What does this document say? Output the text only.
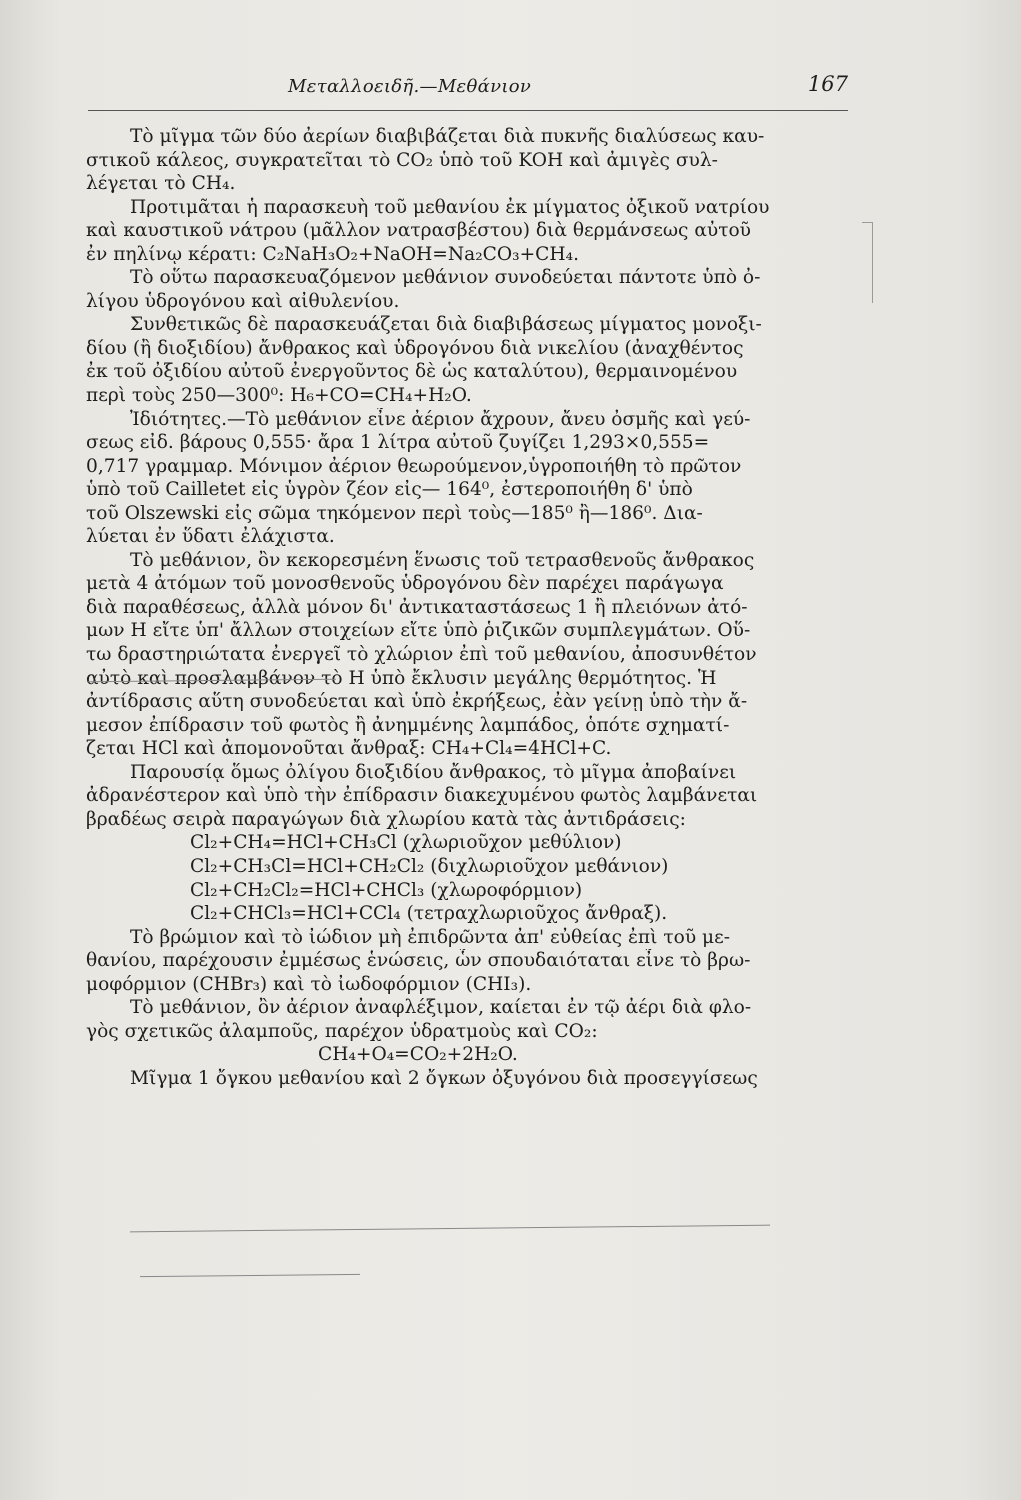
Μεταλλοειδῆ.—Μεθάνιον	167
Τὸ μῖγμα τῶν δύο ἀερίων διαβιβάζεται διὰ πυκνῆς διαλύσεως καυ-
στικοῦ κάλεος, συγκρατεῖται τὸ CO₂ ὑπὸ τοῦ KOH καὶ ἀμιγὲς συλ-
λέγεται τὸ CH₄.
Προτιμᾶται ἡ παρασκευὴ τοῦ μεθανίου ἐκ μίγματος ὀξικοῦ νατρίου
καὶ καυστικοῦ νάτρου (μᾶλλον νατρασβέστου) διὰ θερμάνσεως αὐτοῦ
ἐν πηλίνῳ κέρατι: C₂NaH₃O₂+NaOH=Na₂CO₃+CH₄.
Τὸ οὕτω παρασκευαζόμενον μεθάνιον συνοδεύεται πάντοτε ὑπὸ ὀ-
λίγου ὑδρογόνου καὶ αἰθυλενίου.
Συνθετικῶς δὲ παρασκευάζεται διὰ διαβιβάσεως μίγματος μονοξι-
δίου (ἢ διοξιδίου) ἄνθρακος καὶ ὑδρογόνου διὰ νικελίου (ἀναχθέντος
ἐκ τοῦ ὀξιδίου αὐτοῦ ἐνεργοῦντος δὲ ὡς καταλύτου), θερμαινομένου
περὶ τοὺς 250—300⁰: H₆+CO=CH₄+H₂O.
Ἰδιότητες.—Τὸ μεθάνιον εἶνε ἀέριον ἄχρουν, ἄνευ ὀσμῆς καὶ γεύ-
σεως εἰδ. βάρους 0,555· ἄρα 1 λίτρα αὐτοῦ ζυγίζει 1,293×0,555=
0,717 γραμμαρ. Μόνιμον ἀέριον θεωρούμενον,ὑγροποιήθη τὸ πρῶτον
ὑπὸ τοῦ Cailletet εἰς ὑγρὸν ζέον εἰς— 164⁰, ἐστεροποιήθη δ' ὑπὸ
τοῦ Olszewski εἰς σῶμα τηκόμενον περὶ τοὺς—185⁰ ἢ—186⁰. Δια-
λύεται ἐν ὕδατι ἐλάχιστα.
Τὸ μεθάνιον, ὂν κεκορεσμένη ἕνωσις τοῦ τετρασθενοῦς ἄνθρακος
μετὰ 4 ἀτόμων τοῦ μονοσθενοῦς ὑδρογόνου δὲν παρέχει παράγωγα
διὰ παραθέσεως, ἀλλὰ μόνον δι' ἀντικαταστάσεως 1 ἢ πλειόνων ἀτό-
μων H εἴτε ὑπ' ἄλλων στοιχείων εἴτε ὑπὸ ῥιζικῶν συμπλεγμάτων. Οὕ-
τω δραστηριώτατα ἐνεργεῖ τὸ χλώριον ἐπὶ τοῦ μεθανίου, ἀποσυνθέτον
αὐτὸ καὶ προσλαμβάνον τὸ H ὑπὸ ἔκλυσιν μεγάλης θερμότητος. Ἡ
ἀντίδρασις αὕτη συνοδεύεται καὶ ὑπὸ ἐκρήξεως, ἐὰν γείνῃ ὑπὸ τὴν ἄ-
μεσον ἐπίδρασιν τοῦ φωτὸς ἢ ἀνημμένης λαμπάδος, ὁπότε σχηματί-
ζεται HCl καὶ ἀπομονοῦται ἄνθραξ: CH₄+Cl₄=4HCl+C.
Παρουσίᾳ ὅμως ὀλίγου διοξιδίου ἄνθρακος, τὸ μῖγμα ἀποβαίνει
ἀδρανέστερον καὶ ὑπὸ τὴν ἐπίδρασιν διακεχυμένου φωτὸς λαμβάνεται
βραδέως σειρὰ παραγώγων διὰ χλωρίου κατὰ τὰς ἀντιδράσεις:
Cl₂+CH₄=HCl+CH₃Cl (χλωριοῦχον μεθύλιον)
Cl₂+CH₃Cl=HCl+CH₂Cl₂ (διχλωριοῦχον μεθάνιον)
Cl₂+CH₂Cl₂=HCl+CHCl₃ (χλωροφόρμιον)
Cl₂+CHCl₃=HCl+CCl₄ (τετραχλωριοῦχος ἄνθραξ).
Τὸ βρώμιον καὶ τὸ ἰώδιον μὴ ἐπιδρῶντα ἀπ' εὐθείας ἐπὶ τοῦ με-
θανίου, παρέχουσιν ἐμμέσως ἑνώσεις, ὧν σπουδαιόταται εἶνε τὸ βρω-
μοφόρμιον (CHBr₃) καὶ τὸ ἰωδοφόρμιον (CHI₃).
Τὸ μεθάνιον, ὂν ἀέριον ἀναφλέξιμον, καίεται ἐν τῷ ἀέρι διὰ φλο-
γὸς σχετικῶς ἀλαμποῦς, παρέχον ὑδρατμοὺς καὶ CO₂:
CH₄+O₄=CO₂+2H₂O.
Μῖγμα 1 ὄγκου μεθανίου καὶ 2 ὄγκων ὀξυγόνου διὰ προσεγγίσεως
